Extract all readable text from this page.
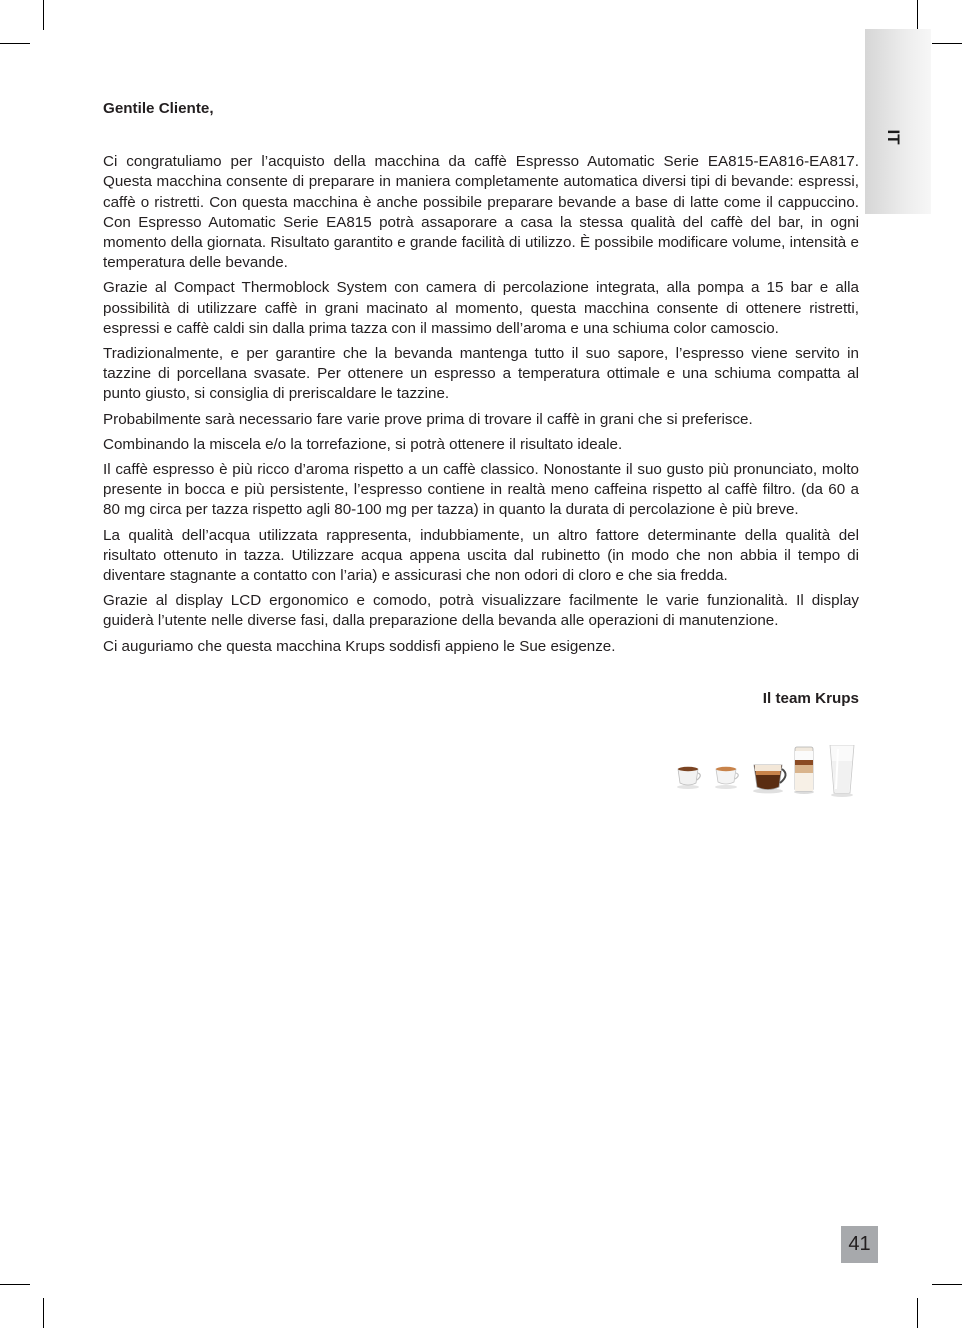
IT

Gentile Cliente,

Ci congratuliamo per l’acquisto della macchina da caffè Espresso Automatic Serie EA815-EA816-EA817. Questa macchina consente di preparare in maniera completamente automatica diversi tipi di bevande: espressi, caffè o ristretti. Con questa macchina è anche possibile preparare bevande a base di latte come il cappuccino. Con Espresso Automatic Serie EA815 potrà assaporare a casa la stessa qualità del caffè del bar, in ogni momento della giornata. Risultato garantito e grande facilità di utilizzo. È possibile modificare volume, intensità e temperatura delle bevande.

Grazie al Compact Thermoblock System con camera di percolazione integrata, alla pompa a 15 bar e alla possibilità di utilizzare caffè in grani macinato al momento, questa macchina consente di ottenere ristretti, espressi e caffè caldi sin dalla prima tazza con il massimo dell’aroma e una schiuma color camoscio.

Tradizionalmente, e per garantire che la bevanda mantenga tutto il suo sapore, l’espresso viene servito in tazzine di porcellana svasate. Per ottenere un espresso a temperatura ottimale e una schiuma compatta al punto giusto, si consiglia di preriscaldare le tazzine.

Probabilmente sarà necessario fare varie prove prima di trovare il caffè in grani che si preferisce.

Combinando la miscela e/o la torrefazione, si potrà ottenere il risultato ideale.

Il caffè espresso è più ricco d’aroma rispetto a un caffè classico. Nonostante il suo gusto più pronunciato, molto presente in bocca e più persistente, l’espresso contiene in realtà meno caffeina rispetto al caffè filtro. (da 60 a 80 mg circa per tazza rispetto agli 80-100 mg per tazza) in quanto la durata di percolazione è più breve.

La qualità dell’acqua utilizzata rappresenta, indubbiamente, un altro fattore determinante della qualità del risultato ottenuto in tazza. Utilizzare acqua appena uscita dal rubinetto (in modo che non abbia il tempo di diventare stagnante a contatto con l’aria) e assicurasi che non odori di cloro e che sia fredda.

Grazie al display LCD ergonomico e comodo, potrà visualizzare facilmente le varie funzionalità. Il display guiderà l’utente nelle diverse fasi, dalla preparazione della bevanda alle operazioni di manutenzione.

Ci auguriamo che questa macchina Krups soddisfi appieno le Sue esigenze.

Il team Krups

41
